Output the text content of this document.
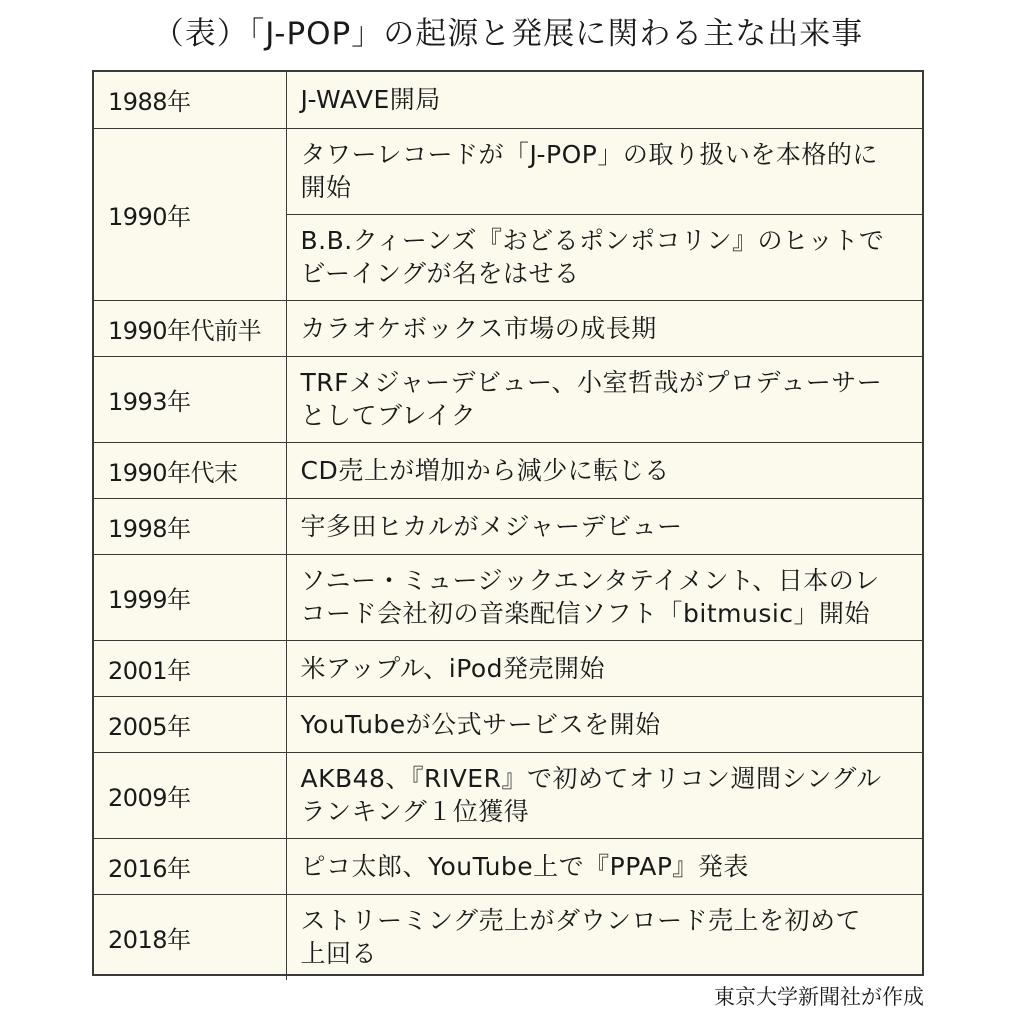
（表）「J-POP」の起源と発展に関わる主な出来事
1988年	J-WAVE開局

1990年	タワーレコードが「J-POP」の取り扱いを本格的に
開始

	B.B.クィーンズ『おどるポンポコリン』のヒットで
ビーイングが名をはせる

1990年代前半	カラオケボックス市場の成長期

1993年	TRFメジャーデビュー、小室哲哉がプロデューサー
としてブレイク

1990年代末	CD売上が増加から減少に転じる

1998年	宇多田ヒカルがメジャーデビュー

1999年	ソニー・ミュージックエンタテイメント、日本のレ
コード会社初の音楽配信ソフト「bitmusic」開始

2001年	米アップル、iPod発売開始

2005年	YouTubeが公式サービスを開始

2009年	AKB48、『RIVER』で初めてオリコン週間シングル
ランキング１位獲得

2016年	ピコ太郎、YouTube上で『PPAP』発表

2018年	ストリーミング売上がダウンロード売上を初めて
上回る
東京大学新聞社が作成
